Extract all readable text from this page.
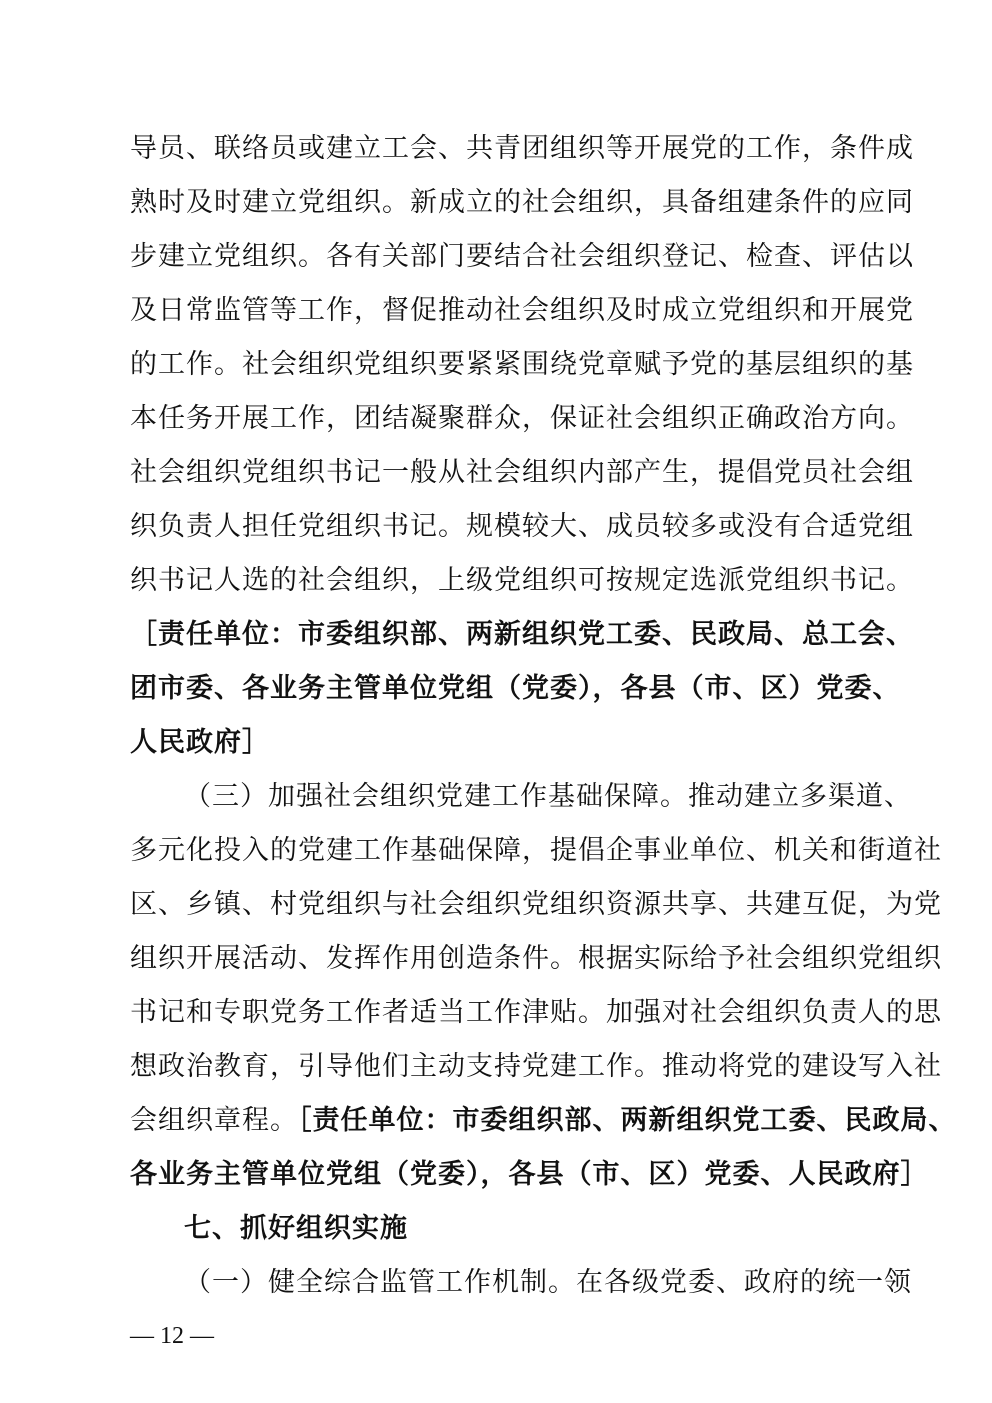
导员、联络员或建立工会、共青团组织等开展党的工作，条件成
熟时及时建立党组织。新成立的社会组织，具备组建条件的应同
步建立党组织。各有关部门要结合社会组织登记、检查、评估以
及日常监管等工作，督促推动社会组织及时成立党组织和开展党
的工作。社会组织党组织要紧紧围绕党章赋予党的基层组织的基
本任务开展工作，团结凝聚群众，保证社会组织正确政治方向。
社会组织党组织书记一般从社会组织内部产生，提倡党员社会组
织负责人担任党组织书记。规模较大、成员较多或没有合适党组
织书记人选的社会组织，上级党组织可按规定选派党组织书记。
［责任单位：市委组织部、两新组织党工委、民政局、总工会、
团市委、各业务主管单位党组（党委），各县（市、区）党委、
人民政府］
（三）加强社会组织党建工作基础保障。推动建立多渠道、
多元化投入的党建工作基础保障，提倡企事业单位、机关和街道社
区、乡镇、村党组织与社会组织党组织资源共享、共建互促，为党
组织开展活动、发挥作用创造条件。根据实际给予社会组织党组织
书记和专职党务工作者适当工作津贴。加强对社会组织负责人的思
想政治教育，引导他们主动支持党建工作。推动将党的建设写入社
会组织章程。［责任单位：市委组织部、两新组织党工委、民政局、
各业务主管单位党组（党委），各县（市、区）党委、人民政府］
七、抓好组织实施
— 12 —
（一）健全综合监管工作机制。在各级党委、政府的统一领
